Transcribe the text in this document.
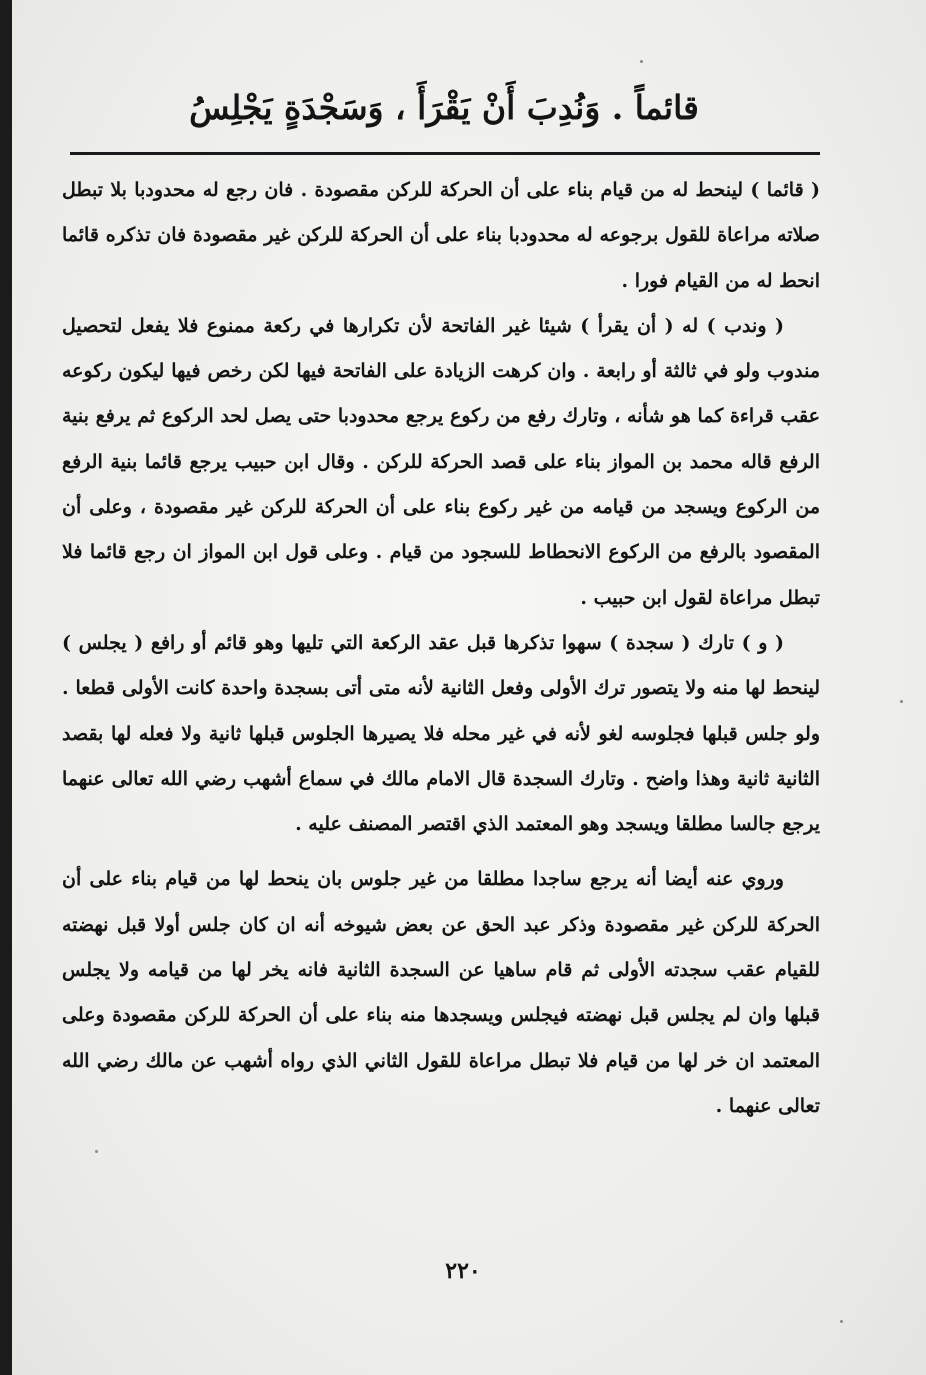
قائماً . وَنُدِبَ أَنْ يَقْرَأَ ، وَسَجْدَةٍ يَجْلِسُ

( قائما ) لينحط له من قيام بناء على أن الحركة للركن مقصودة . فان رجع له محدودبا بلا تبطل صلاته مراعاة للقول برجوعه له محدودبا بناء على أن الحركة للركن غير مقصودة فان تذكره قائما انحط له من القيام فورا .

( وندب ) له ( أن يقرأ ) شيئا غير الفاتحة لأن تكرارها في ركعة ممنوع فلا يفعل لتحصيل مندوب ولو في ثالثة أو رابعة . وان كرهت الزيادة على الفاتحة فيها لكن رخص فيها ليكون ركوعه عقب قراءة كما هو شأنه ، وتارك رفع من ركوع يرجع محدودبا حتى يصل لحد الركوع ثم يرفع بنية الرفع قاله محمد بن المواز بناء على قصد الحركة للركن . وقال ابن حبيب يرجع قائما بنية الرفع من الركوع ويسجد من قيامه من غير ركوع بناء على أن الحركة للركن غير مقصودة ، وعلى أن المقصود بالرفع من الركوع الانحطاط للسجود من قيام . وعلى قول ابن المواز ان رجع قائما فلا تبطل مراعاة لقول ابن حبيب .

( و ) تارك ( سجدة ) سهوا تذكرها قبل عقد الركعة التي تليها وهو قائم أو رافع ( يجلس ) لينحط لها منه ولا يتصور ترك الأولى وفعل الثانية لأنه متى أتى بسجدة واحدة كانت الأولى قطعا . ولو جلس قبلها فجلوسه لغو لأنه في غير محله فلا يصيرها الجلوس قبلها ثانية ولا فعله لها بقصد الثانية ثانية وهذا واضح . وتارك السجدة قال الامام مالك في سماع أشهب رضي الله تعالى عنهما يرجع جالسا مطلقا ويسجد وهو المعتمد الذي اقتصر المصنف عليه .

وروي عنه أيضا أنه يرجع ساجدا مطلقا من غير جلوس بان ينحط لها من قيام بناء على أن الحركة للركن غير مقصودة وذكر عبد الحق عن بعض شيوخه أنه ان كان جلس أولا قبل نهضته للقيام عقب سجدته الأولى ثم قام ساهيا عن السجدة الثانية فانه يخر لها من قيامه ولا يجلس قبلها وان لم يجلس قبل نهضته فيجلس ويسجدها منه بناء على أن الحركة للركن مقصودة وعلى المعتمد ان خر لها من قيام فلا تبطل مراعاة للقول الثاني الذي رواه أشهب عن مالك رضي الله تعالى عنهما .

٢٢٠
